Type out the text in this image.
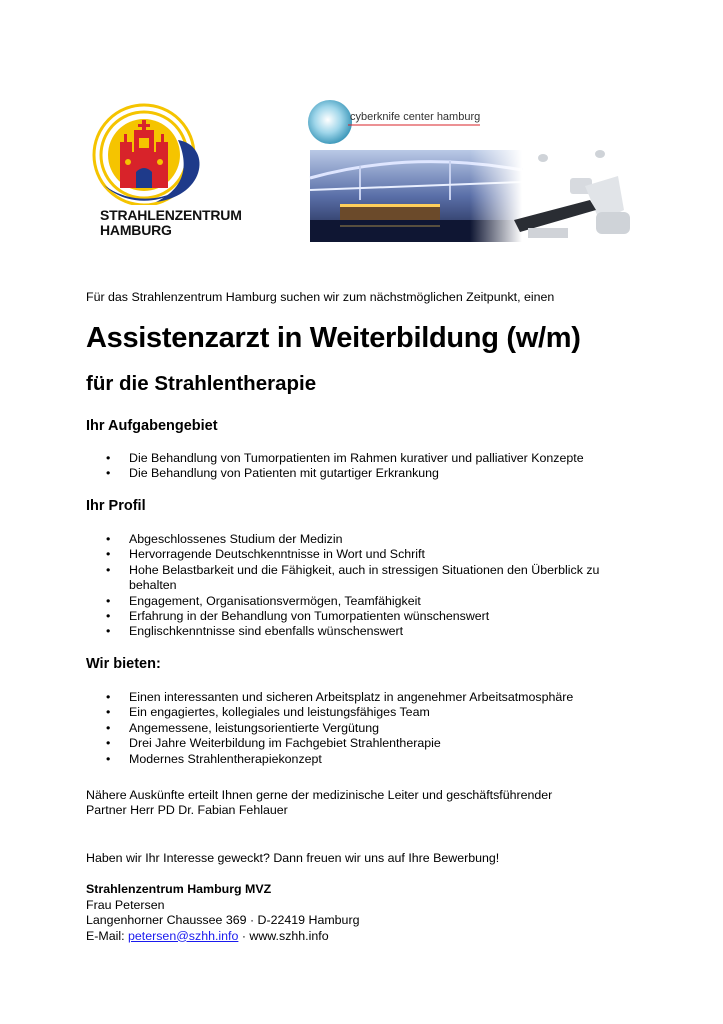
STRAHLENZENTRUM
HAMBURG
cyberknife center hamburg
Für das Strahlenzentrum Hamburg suchen wir zum nächstmöglichen Zeitpunkt, einen
Assistenzarzt in Weiterbildung (w/m)
für die Strahlentherapie
Ihr Aufgabengebiet
• Die Behandlung von Tumorpatienten im Rahmen kurativer und palliativer Konzepte
• Die Behandlung von Patienten mit gutartiger Erkrankung
Ihr Profil
• Abgeschlossenes Studium der Medizin
• Hervorragende Deutschkenntnisse in Wort und Schrift
• Hohe Belastbarkeit und die Fähigkeit, auch in stressigen Situationen den Überblick zu behalten
• Engagement, Organisationsvermögen, Teamfähigkeit
• Erfahrung in der Behandlung von Tumorpatienten wünschenswert
• Englischkenntnisse sind ebenfalls wünschenswert
Wir bieten:
• Einen interessanten und sicheren Arbeitsplatz in angenehmer Arbeitsatmosphäre
• Ein engagiertes, kollegiales und leistungsfähiges Team
• Angemessene, leistungsorientierte Vergütung
• Drei Jahre Weiterbildung im Fachgebiet Strahlentherapie
• Modernes Strahlentherapiekonzept
Nähere Auskünfte erteilt Ihnen gerne der medizinische Leiter und geschäftsführender
Partner Herr PD Dr. Fabian Fehlauer
Haben wir Ihr Interesse geweckt? Dann freuen wir uns auf Ihre Bewerbung!
Strahlenzentrum Hamburg MVZ
Frau Petersen
Langenhorner Chaussee 369 · D-22419 Hamburg
E-Mail: petersen@szhh.info · www.szhh.info
